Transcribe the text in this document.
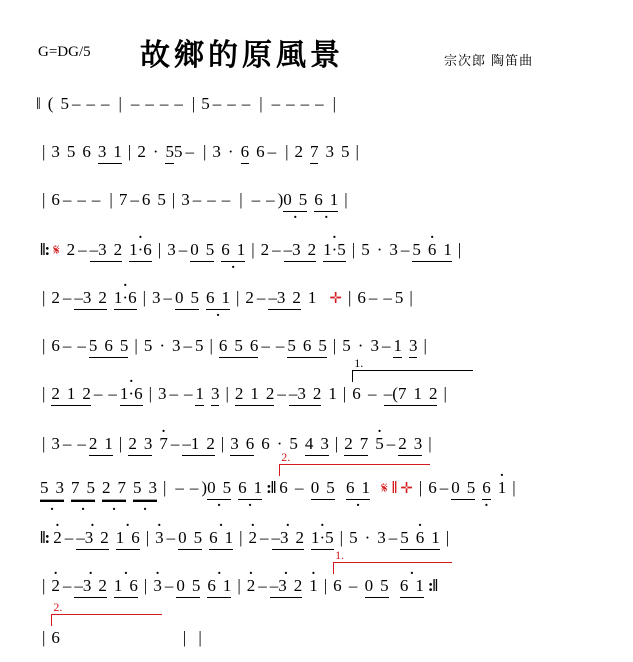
G=DG/5 故鄉的原風景	宗次郎 陶笛曲
‖ ( 5 – – – | – – – – | 5 – – – | – – – – |
| 3 5 6 3 1 | 2 · 5 5 – | 3 · 6 6 – | 2 7 3 5 |
| 6 – – – | 7 – 6 5 | 3 – – – | – – ) 0 5 · 6 1 · |
‖: 𝄋 2 – –3 2 · 1·6 | 3 – 0 5 6 1 · | 2 – –3 2 · 1·5 | 5 · 3 – · 5 6 1 |
| 2 – –3 2 · 1·6 | 3 – 0 5 6 1 · | 2 – –3 2 1 ✛ | 6 – – 5 |
| 6 – – 5 6 5 | 5 · 3 – 5 | 6 5 6 – – 5 6 5 | 5 · 3 – 1 3 |
| 2 1 2 – – · 1·6 | 3 – – 1 3 | 2 1 2 – –3 2 1 |
1.
6 – –(7 1 2 |
| 3 – – 2 1 | 2 3 · 7 – –1 2 | 3 6 6 · 5 4 3 | 2 7 · 5 – 2 3 |
5 3 · 7 5 · 2 7 · 5 3 · | – – ) 0 5 · 6 1 · :‖
2.
6 – 0 5 6 1 · 𝄋 ‖ ✛ | 6 – 0 5 6 · · 1 |
‖: · 2 – · –3 2 · 1 6 | · 3 – 0 5 · 6 1 | · 2 – · –3 2 · 1·5 | 5 · 3 – · 5 6 1 |
| · 2 – · –3 2 · 1 6 | · 3 – 0 5 · 6 1 | · 2 – · –3 2 · 1 |
1.
6 – 0 5 · 6 1 :‖
|
2.
6	| |
